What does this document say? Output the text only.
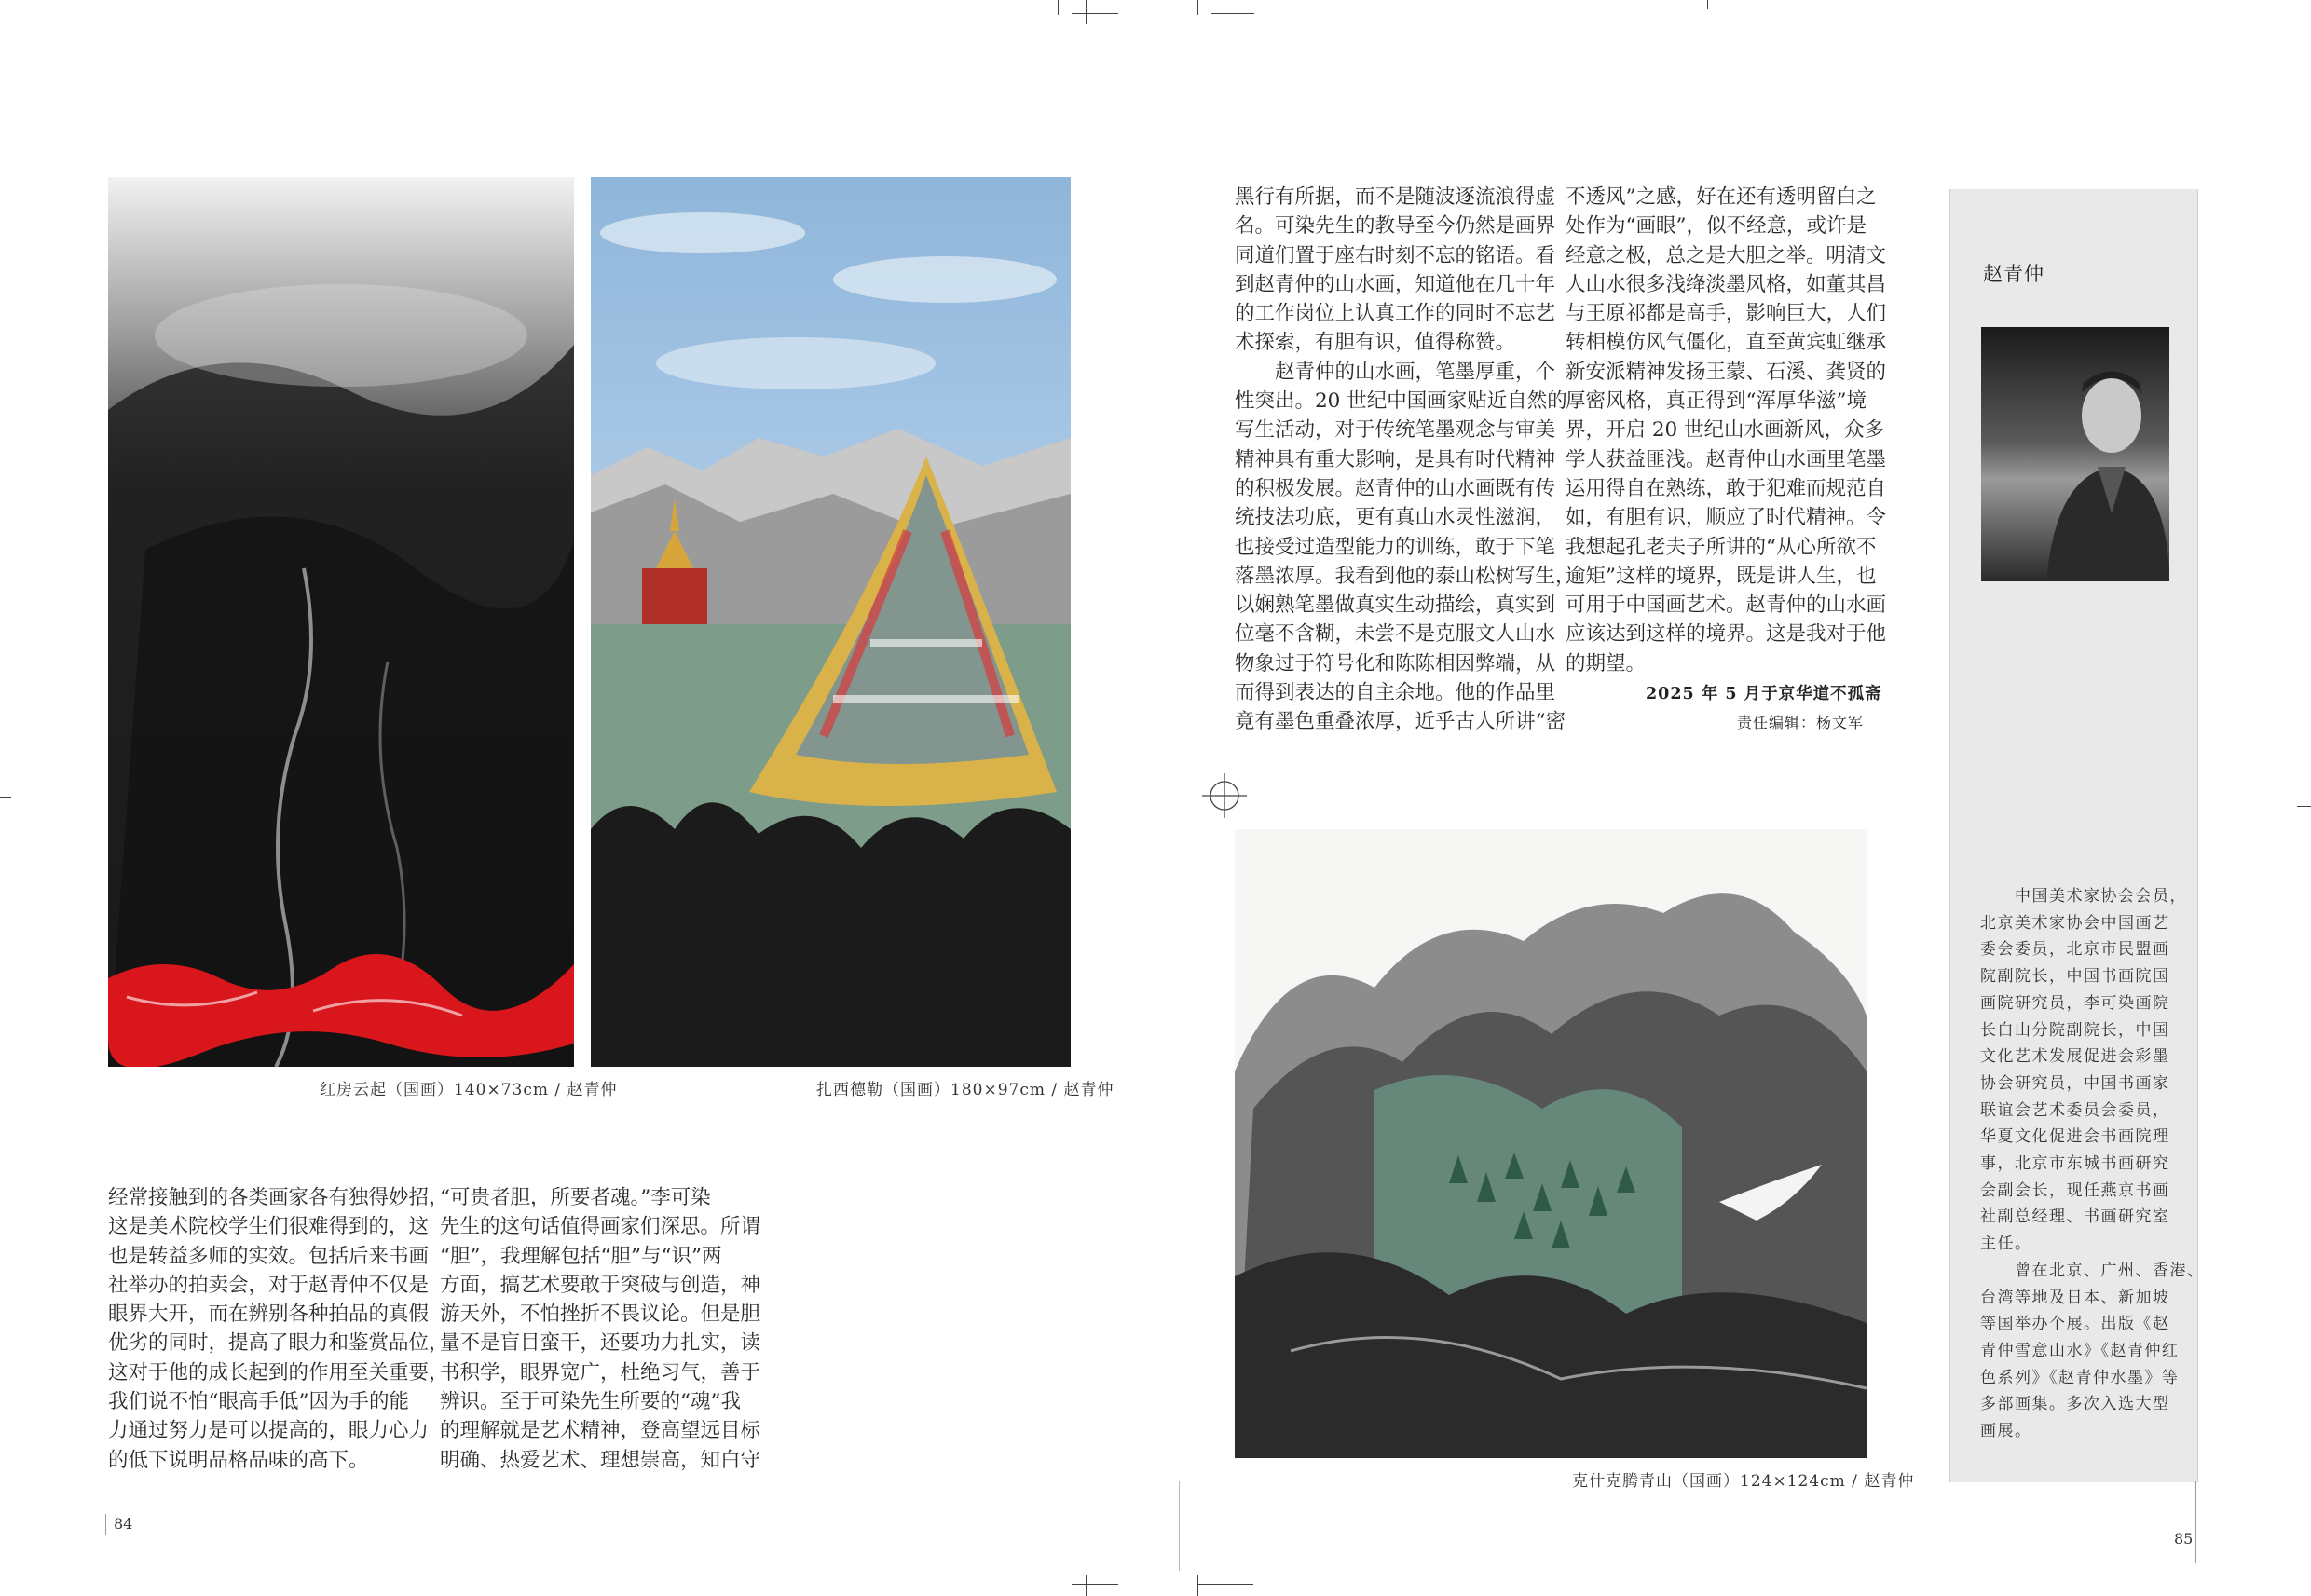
红房云起（国画）140×73cm / 赵青仲	扎西德勒（国画）180×97cm / 赵青仲

经常接触到的各类画家各有独得妙招，

这是美术院校学生们很难得到的，这

也是转益多师的实效。包括后来书画

社举办的拍卖会，对于赵青仲不仅是

眼界大开，而在辨别各种拍品的真假

优劣的同时，提高了眼力和鉴赏品位，

这对于他的成长起到的作用至关重要，

我们说不怕“眼高手低”因为手的能

力通过努力是可以提高的，眼力心力

的低下说明品格品味的高下。

“可贵者胆，所要者魂。”李可染

先生的这句话值得画家们深思。所谓

“胆”，我理解包括“胆”与“识”两

方面，搞艺术要敢于突破与创造，神

游天外，不怕挫折不畏议论。但是胆

量不是盲目蛮干，还要功力扎实，读

书积学，眼界宽广，杜绝习气，善于

辨识。至于可染先生所要的“魂”我

的理解就是艺术精神，登高望远目标

明确、热爱艺术、理想崇高，知白守

84

黑行有所据，而不是随波逐流浪得虚

名。可染先生的教导至今仍然是画界

同道们置于座右时刻不忘的铭语。看

到赵青仲的山水画，知道他在几十年

的工作岗位上认真工作的同时不忘艺

术探索，有胆有识，值得称赞。

　　赵青仲的山水画，笔墨厚重，个

性突出。20 世纪中国画家贴近自然的

写生活动，对于传统笔墨观念与审美

精神具有重大影响，是具有时代精神

的积极发展。赵青仲的山水画既有传

统技法功底，更有真山水灵性滋润，

也接受过造型能力的训练，敢于下笔

落墨浓厚。我看到他的泰山松树写生，

以娴熟笔墨做真实生动描绘，真实到

位毫不含糊，未尝不是克服文人山水

物象过于符号化和陈陈相因弊端，从

而得到表达的自主余地。他的作品里

竟有墨色重叠浓厚，近乎古人所讲“密

不透风”之感，好在还有透明留白之

处作为“画眼”，似不经意，或许是

经意之极，总之是大胆之举。明清文

人山水很多浅绛淡墨风格，如董其昌

与王原祁都是高手，影响巨大，人们

转相模仿风气僵化，直至黄宾虹继承

新安派精神发扬王蒙、石溪、龚贤的

厚密风格，真正得到“浑厚华滋”境

界，开启 20 世纪山水画新风，众多

学人获益匪浅。赵青仲山水画里笔墨

运用得自在熟练，敢于犯难而规范自

如，有胆有识，顺应了时代精神。令

我想起孔老夫子所讲的“从心所欲不

逾矩”这样的境界，既是讲人生，也

可用于中国画艺术。赵青仲的山水画

应该达到这样的境界。这是我对于他

的期望。

2025 年 5 月于京华道不孤斋
责任编辑：杨文军
克什克腾青山（国画）124×124cm / 赵青仲
赵青仲

　　中国美术家协会会员，

北京美术家协会中国画艺

委会委员，北京市民盟画

院副院长，中国书画院国

画院研究员，李可染画院

长白山分院副院长，中国

文化艺术发展促进会彩墨

协会研究员，中国书画家

联谊会艺术委员会委员，

华夏文化促进会书画院理

事，北京市东城书画研究

会副会长，现任燕京书画

社副总经理、书画研究室

主任。

　　曾在北京、广州、香港、

台湾等地及日本、新加坡

等国举办个展。出版《赵

青仲雪意山水》《赵青仲红

色系列》《赵青仲水墨》等

多部画集。多次入选大型

画展。

85
